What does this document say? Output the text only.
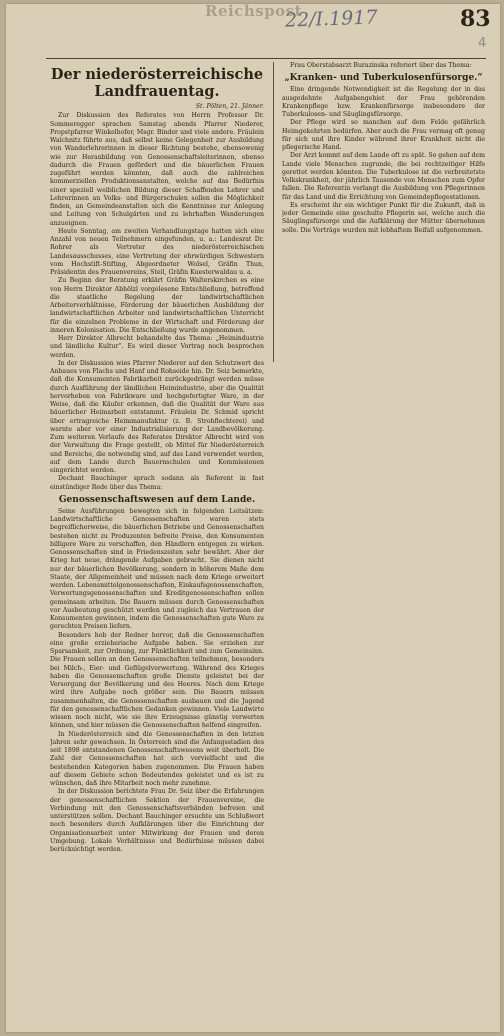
Reichspost
22/I.1917	83
4
Der niederösterreichische Landfrauentag.
St. Pölten, 21. Jänner.

Zur Diskussion des Referates von Herrn Professor Dr. Sommeregger sprachen Samstag abends Pfarrer Niederer, Propstpfarrer Winkelhofer, Msgr. Binder und viele andere. Fräulein Walchnitz führte aus, daß selbst keine Gelegenheit zur Ausbildung von Wanderlehrerinnen in dieser Richtung bestehe, ebensowenig wie zur Heranbildung von Genossenschaftsleiterinnen, ebenso dadurch die Frauen gefördert und die bäuerlichen Frauen zugeführt werden könnten, daß auch die zahlreichen kommerziellen Produktionsanstalten, welche auf das Bedürfnis einer speziell weiblichen Bildung dieser Schaffenden Lehrer und Lehrerinnen an Volks- und Bürgerschulen sollen die Möglichkeit finden, an Gemeindeanstalten sich die Kenntnisse zur Anlegung und Leitung von Schulgärten und zu lehrhaften Wanderungen anzueignen.

Heute Sonntag, am zweiten Verhandlungstage hatten sich eine Anzahl von neuen Teilnehmern eingefunden, u. a.: Landesrat Dr. Rohrer als Vertreter des niederösterreichischen Landesausschusses, eine Vertretung der ehrwürdigen Schwestern vom Hochstift-Stifting, Abgeordneter Wolsel, Gräfin Thun, Präsidentin des Frauenvereins, Steil, Gräfin Kuesterwaldau u. a.

Zu Beginn der Beratung erklärt Gräfin Walterskirchen es eine von Herrn Direktor Abhölzl vorgelesene Entschließung, betreffend die staatliche Regelung der landwirtschaftlichen Arbeiterverhältnisse, Förderung der bäuerlichen Ausbildung der landwirtschaftlichen Arbeiter und landwirtschaftlichen Unterricht für die einzelnen Probleme in der Wirtschaft und Förderung der inneren Kolonisation. Die Entschließung wurde angenommen.

Herr Direktor Albrecht behandelte das Thema: „Heimindustrie und ländliche Kultur“. Es wird dieser Vortrag noch besprochen werden.

In der Diskussion wies Pfarrer Niederer auf den Schutzwert des Anbaues von Flachs und Hanf und Rohseide hin. Dr. Seiz bemerkte, daß die Konsumenten Fabrikarbeit zurückgedrängt werden müsse durch Ausführung der ländlichen Heimindustrie, aber die Qualität hervorheben von Fabrikware und hochgefertigter Ware, in der Weise, daß die Käufer erkennen, daß die Qualität der Ware aus bäuerlicher Heimarbeit entstammt. Fräulein Dr. Schmid spricht über ertragreiche Heimmanufaktur (z. B. Strohflechterei) und warnte aber vor einer Industrialisierung der Landbevölkerung. Zum weiteren Verlaufe des Referates Direktor Albrecht wird von der Verwaltung die Frage gestellt, ob Mittel für Niederösterreich und Bereiche, die notwendig sind, auf das Land verwendet werden, auf dem Lande durch Bauernschulen und Kommissionen eingerichtet werden.

Dechant Bauchinger sprach sodann als Referent in fast einstündiger Rede über das Thema:

Genossenschaftswesen auf dem Lande.

Seine Ausführungen bewegten sich in folgenden Leitsätzen: Landwirtschaftliche Genossenschaften waren stets begreiflicherweise, die bäuerlichen Betriebe und Genossenschaften bestehen nicht zu Produzenten befreite Preise, den Konsumenten billigere Ware zu verschaffen, den Händlern entgegen zu wirken. Genossenschaften sind in Friedenszeiten sehr bewährt. Aber der Krieg hat neue, drängende Aufgaben gebracht. Sie dienen nicht nur der bäuerlichen Bevölkerung, sondern in höherem Maße dem Staate, der Allgemeinheit und müssen nach dem Kriege erweitert werden. Lebensmittelgenossenschaften, Einkaufsgenossenschaften, Verwertungsgenossenschaften und Kreditgenossenschaften sollen gemeinsam arbeiten. Die Bauern müssen durch Genossenschaften vor Ausbeutung geschützt werden und zugleich das Vertrauen der Konsumenten gewinnen, indem die Genossenschaften gute Ware zu gerechten Preisen liefern.

Besonders hob der Redner hervor, daß die Genossenschaften eine große erzieherische Aufgabe haben. Sie erziehen zur Sparsamkeit, zur Ordnung, zur Pünktlichkeit und zum Gemeinsinn. Die Frauen sollen an den Genossenschaften teilnehmen, besonders bei Milch-, Eier- und Geflügelverwertung. Während des Krieges haben die Genossenschaften große Dienste geleistet bei der Versorgung der Bevölkerung und des Heeres. Nach dem Kriege wird ihre Aufgabe noch größer sein. Die Bauern müssen zusammenhalten, die Genossenschaften ausbauen und die Jugend für den genossenschaftlichen Gedanken gewinnen. Viele Landwirte wissen noch nicht, wie sie ihre Erzeugnisse günstig verwerten können, und hier müssen die Genossenschaften helfend eingreifen.

In Niederösterreich sind die Genossenschaften in den letzten Jahren sehr gewachsen. In Österreich sind die Anfangsstadien des seit 1898 entstandenen Genossenschaftswesens weit überholt. Die Zahl der Genossenschaften hat sich vervielfacht und die bestehenden Kategorien haben zugenommen. Die Frauen haben auf diesem Gebiete schon Bedeutendes geleistet und es ist zu wünschen, daß ihre Mitarbeit noch mehr zunehme.

In der Diskussion berichtete Frau Dr. Seiz über die Erfahrungen der genossenschaftlichen Sektion der Frauenvereine, die Verbindung mit den Genossenschaftsverbänden befreien und unterstützen sollen. Dechant Bauchinger ersuchte um Schlußwort noch besonders durch Aufklärungen über die Einrichtung der Organisationsarbeit unter Mitwirkung der Frauen und deren Umgebung. Lokale Verhältnisse und Bedürfnisse müssen dabei berücksichtigt werden.

Frau Oberstabsarzt Burazinska referiert über das Thema:

„Kranken- und Tuberkulosenfürsorge.“

Eine dringende Notwendigkeit ist die Regelung der in das ausgedehnte Aufgabengebiet der Frau gehörenden Krankenpflege bzw. Krankenfürsorge insbesondere der Tuberkulosen- und Säuglingsfürsorge.

Der Pflege wird so manchen auf dem Felde gefährlich Heimgekehrten bedürfen. Aber auch die Frau vermag oft genug für sich und ihre Kinder während ihrer Krankheit nicht die pflegerische Hand.

Der Arzt kommt auf dem Lande oft zu spät. So gehen auf dem Lande viele Menschen zugrunde, die bei rechtzeitiger Hilfe gerettet werden könnten. Die Tuberkulose ist die verbreitetste Volkskrankheit, der jährlich Tausende von Menschen zum Opfer fallen. Die Referentin verlangt die Ausbildung von Pflegerinnen für das Land und die Errichtung von Gemeindepflegestationen.

Es erscheint ihr ein wichtiger Punkt für die Zukunft, daß in jeder Gemeinde eine geschulte Pflegerin sei, welche auch die Säuglingsfürsorge und die Aufklärung der Mütter übernehmen solle. Die Vorträge wurden mit lebhaftem Beifall aufgenommen.
